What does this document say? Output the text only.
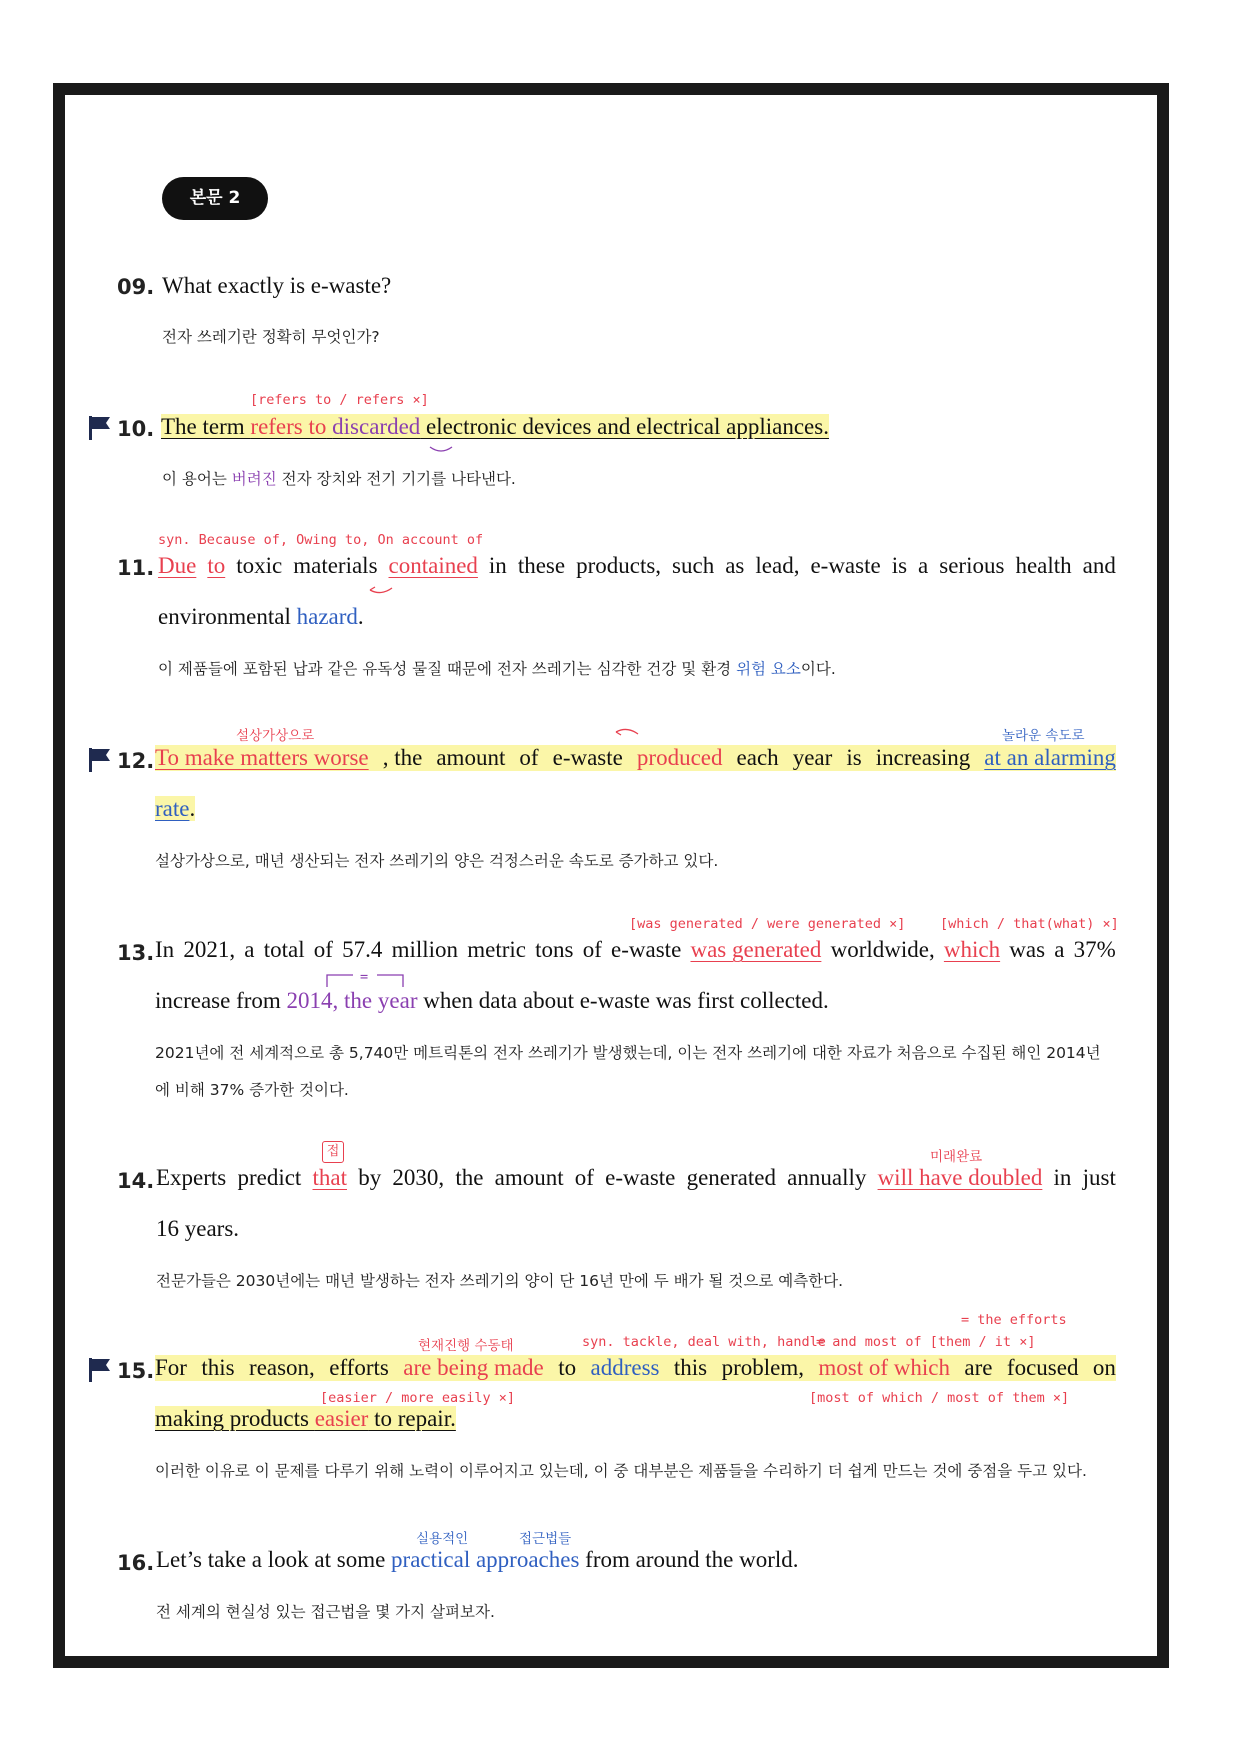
본문 2
09. What exactly is e-waste?
전자 쓰레기란 정확히 무엇인가?
[refers to / refers ×]
10. The term refers to discarded electronic devices and electrical appliances.
이 용어는 버려진 전자 장치와 전기 기기를 나타낸다.
syn. Because of, Owing to, On account of
11. Due to toxic materials contained in these products, such as lead, e-waste is a serious health and
environmental hazard.
이 제품들에 포함된 납과 같은 유독성 물질 때문에 전자 쓰레기는 심각한 건강 및 환경 위험 요소이다.
설상가상으로	놀라운 속도로
12. To make matters worse , the amount of e-waste produced each year is increasing at an alarming
rate.
설상가상으로, 매년 생산되는 전자 쓰레기의 양은 걱정스러운 속도로 증가하고 있다.
[was generated / were generated ×]	[which / that(what) ×]
13. In 2021, a total of 57.4 million metric tons of e-waste was generated worldwide, which was a 37%
=
increase from 2014, the year when data about e-waste was first collected.
2021년에 전 세계적으로 총 5,740만 메트릭톤의 전자 쓰레기가 발생했는데, 이는 전자 쓰레기에 대한 자료가 처음으로 수집된 해인 2014년
에 비해 37% 증가한 것이다.
접	미래완료
14. Experts predict that by 2030, the amount of e-waste generated annually will have doubled in just
16 years.
전문가들은 2030년에는 매년 발생하는 전자 쓰레기의 양이 단 16년 만에 두 배가 될 것으로 예측한다.
= the efforts
현재진행 수동태	syn. tackle, deal with, handle
= and most of [them / it ×]
15. For this reason, efforts are being made to address this problem, most of which are focused on
[easier / more easily ×]	[most of which / most of them ×]
making products easier to repair.
이러한 이유로 이 문제를 다루기 위해 노력이 이루어지고 있는데, 이 중 대부분은 제품들을 수리하기 더 쉽게 만드는 것에 중점을 두고 있다.
실용적인	접근법들
16. Let’s take a look at some practical approaches from around the world.
전 세계의 현실성 있는 접근법을 몇 가지 살펴보자.
